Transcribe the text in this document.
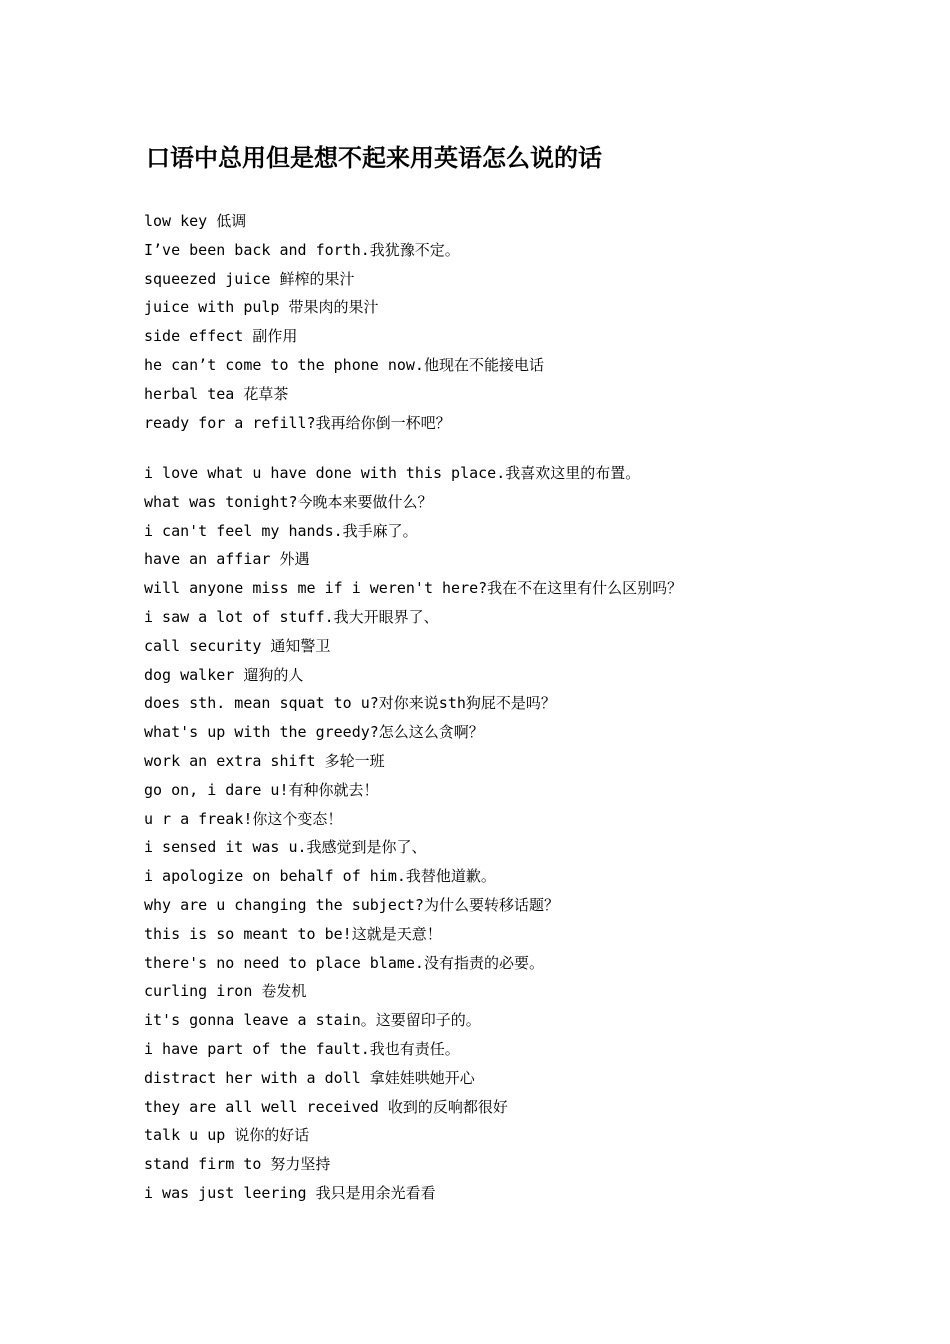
口语中总用但是想不起来用英语怎么说的话
low key 低调
I’ve been back and forth.我犹豫不定。
squeezed juice 鲜榨的果汁
juice with pulp 带果肉的果汁
side effect 副作用
he can’t come to the phone now.他现在不能接电话
herbal tea 花草茶
ready for a refill?我再给你倒一杯吧？
i love what u have done with this place.我喜欢这里的布置。
what was tonight?今晚本来要做什么？
i can't feel my hands.我手麻了。
have an affiar 外遇
will anyone miss me if i weren't here?我在不在这里有什么区别吗？
i saw a lot of stuff.我大开眼界了、
call security 通知警卫
dog walker 遛狗的人
does sth. mean squat to u?对你来说sth狗屁不是吗？
what's up with the greedy?怎么这么贪啊？
work an extra shift 多轮一班
go on, i dare u!有种你就去！
u r a freak!你这个变态！
i sensed it was u.我感觉到是你了、
i apologize on behalf of him.我替他道歉。
why are u changing the subject?为什么要转移话题？
this is so meant to be!这就是天意！
there's no need to place blame.没有指责的必要。
curling iron 卷发机
it's gonna leave a stain。这要留印子的。
i have part of the fault.我也有责任。
distract her with a doll 拿娃娃哄她开心
they are all well received 收到的反响都很好
talk u up 说你的好话
stand firm to 努力坚持
i was just leering 我只是用余光看看
